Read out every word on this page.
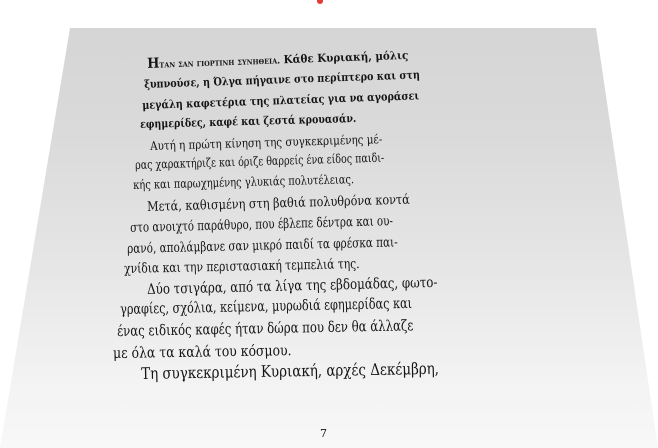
Ηταν σαν γιορτινη συνηθεια. Κάθε Κυριακή, μόλις
ξυπνούσε, η Όλγα πήγαινε στο περίπτερο και στη
μεγάλη καφετέρια της πλατείας για να αγοράσει
εφημερίδες, καφέ και ζεστά κρουασάν.
Αυτή η πρώτη κίνηση της συγκεκριμένης μέ-
ρας χαρακτήριζε και όριζε θαρρείς ένα είδος παιδι-
κής και παρωχημένης γλυκιάς πολυτέλειας.
Μετά, καθισμένη στη βαθιά πολυθρόνα κοντά
στο ανοιχτό παράθυρο, που έβλεπε δέντρα και ου-
ρανό, απολάμβανε σαν μικρό παιδί τα φρέσκα παι-
χνίδια και την περιστασιακή τεμπελιά της.
Δύο τσιγάρα, από τα λίγα της εβδομάδας, φωτο-
γραφίες, σχόλια, κείμενα, μυρωδιά εφημερίδας και
ένας ειδικός καφές ήταν δώρα που δεν θα άλλαζε
με όλα τα καλά του κόσμου.
Τη συγκεκριμένη Κυριακή, αρχές Δεκέμβρη,
7
